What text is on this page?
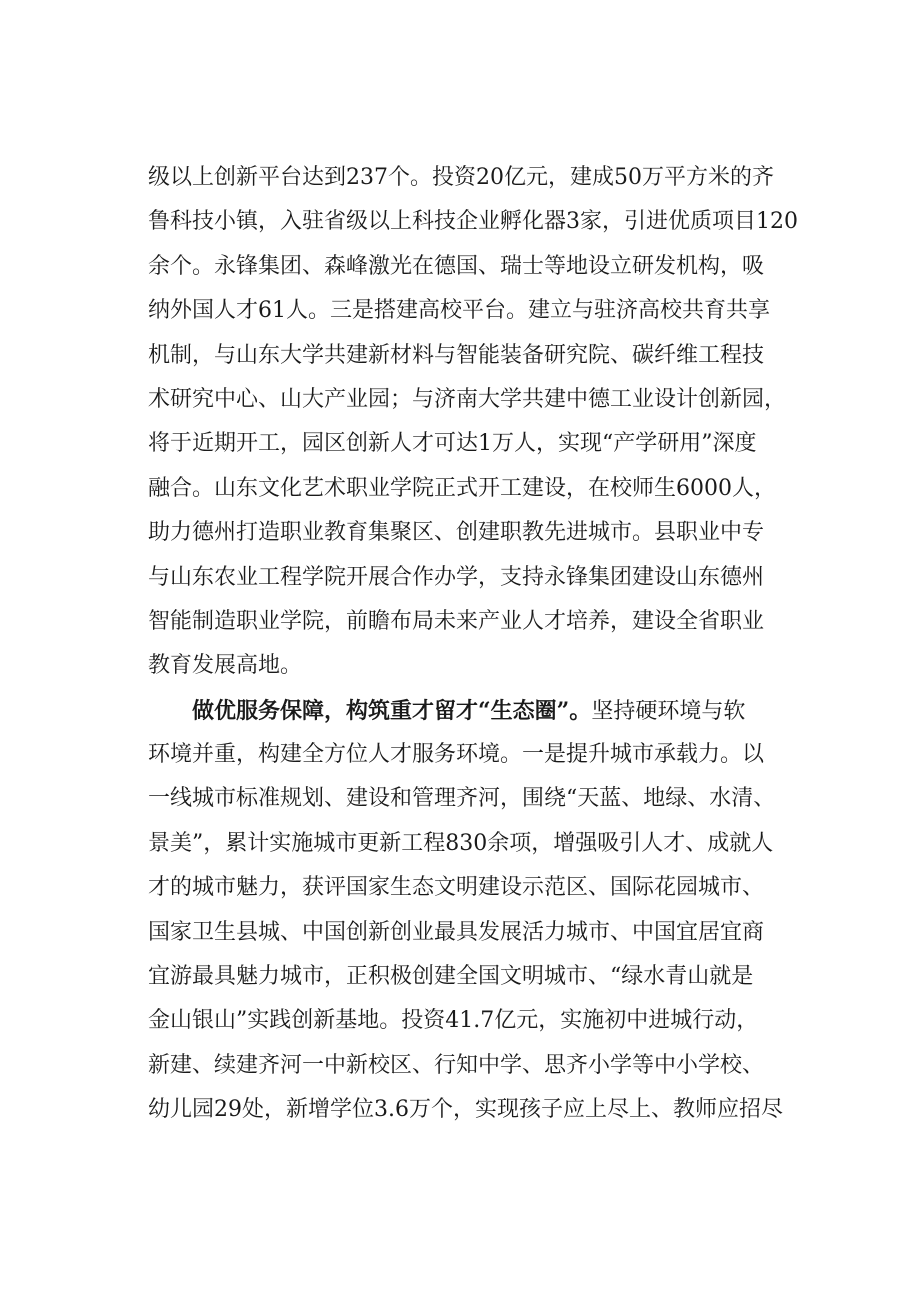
级以上创新平台达到237个。投资20亿元，建成50万平方米的齐
鲁科技小镇，入驻省级以上科技企业孵化器3家，引进优质项目120
余个。永锋集团、森峰激光在德国、瑞士等地设立研发机构，吸
纳外国人才61人。三是搭建高校平台。建立与驻济高校共育共享
机制，与山东大学共建新材料与智能装备研究院、碳纤维工程技
术研究中心、山大产业园；与济南大学共建中德工业设计创新园，
将于近期开工，园区创新人才可达1万人，实现“产学研用”深度
融合。山东文化艺术职业学院正式开工建设，在校师生6000人，
助力德州打造职业教育集聚区、创建职教先进城市。县职业中专
与山东农业工程学院开展合作办学，支持永锋集团建设山东德州
智能制造职业学院，前瞻布局未来产业人才培养，建设全省职业
教育发展高地。
做优服务保障，构筑重才留才“生态圈”。坚持硬环境与软
环境并重，构建全方位人才服务环境。一是提升城市承载力。以
一线城市标准规划、建设和管理齐河，围绕“天蓝、地绿、水清、
景美”，累计实施城市更新工程830余项，增强吸引人才、成就人
才的城市魅力，获评国家生态文明建设示范区、国际花园城市、
国家卫生县城、中国创新创业最具发展活力城市、中国宜居宜商
宜游最具魅力城市，正积极创建全国文明城市、“绿水青山就是
金山银山”实践创新基地。投资41.7亿元，实施初中进城行动，
新建、续建齐河一中新校区、行知中学、思齐小学等中小学校、
幼儿园29处，新增学位3.6万个，实现孩子应上尽上、教师应招尽
